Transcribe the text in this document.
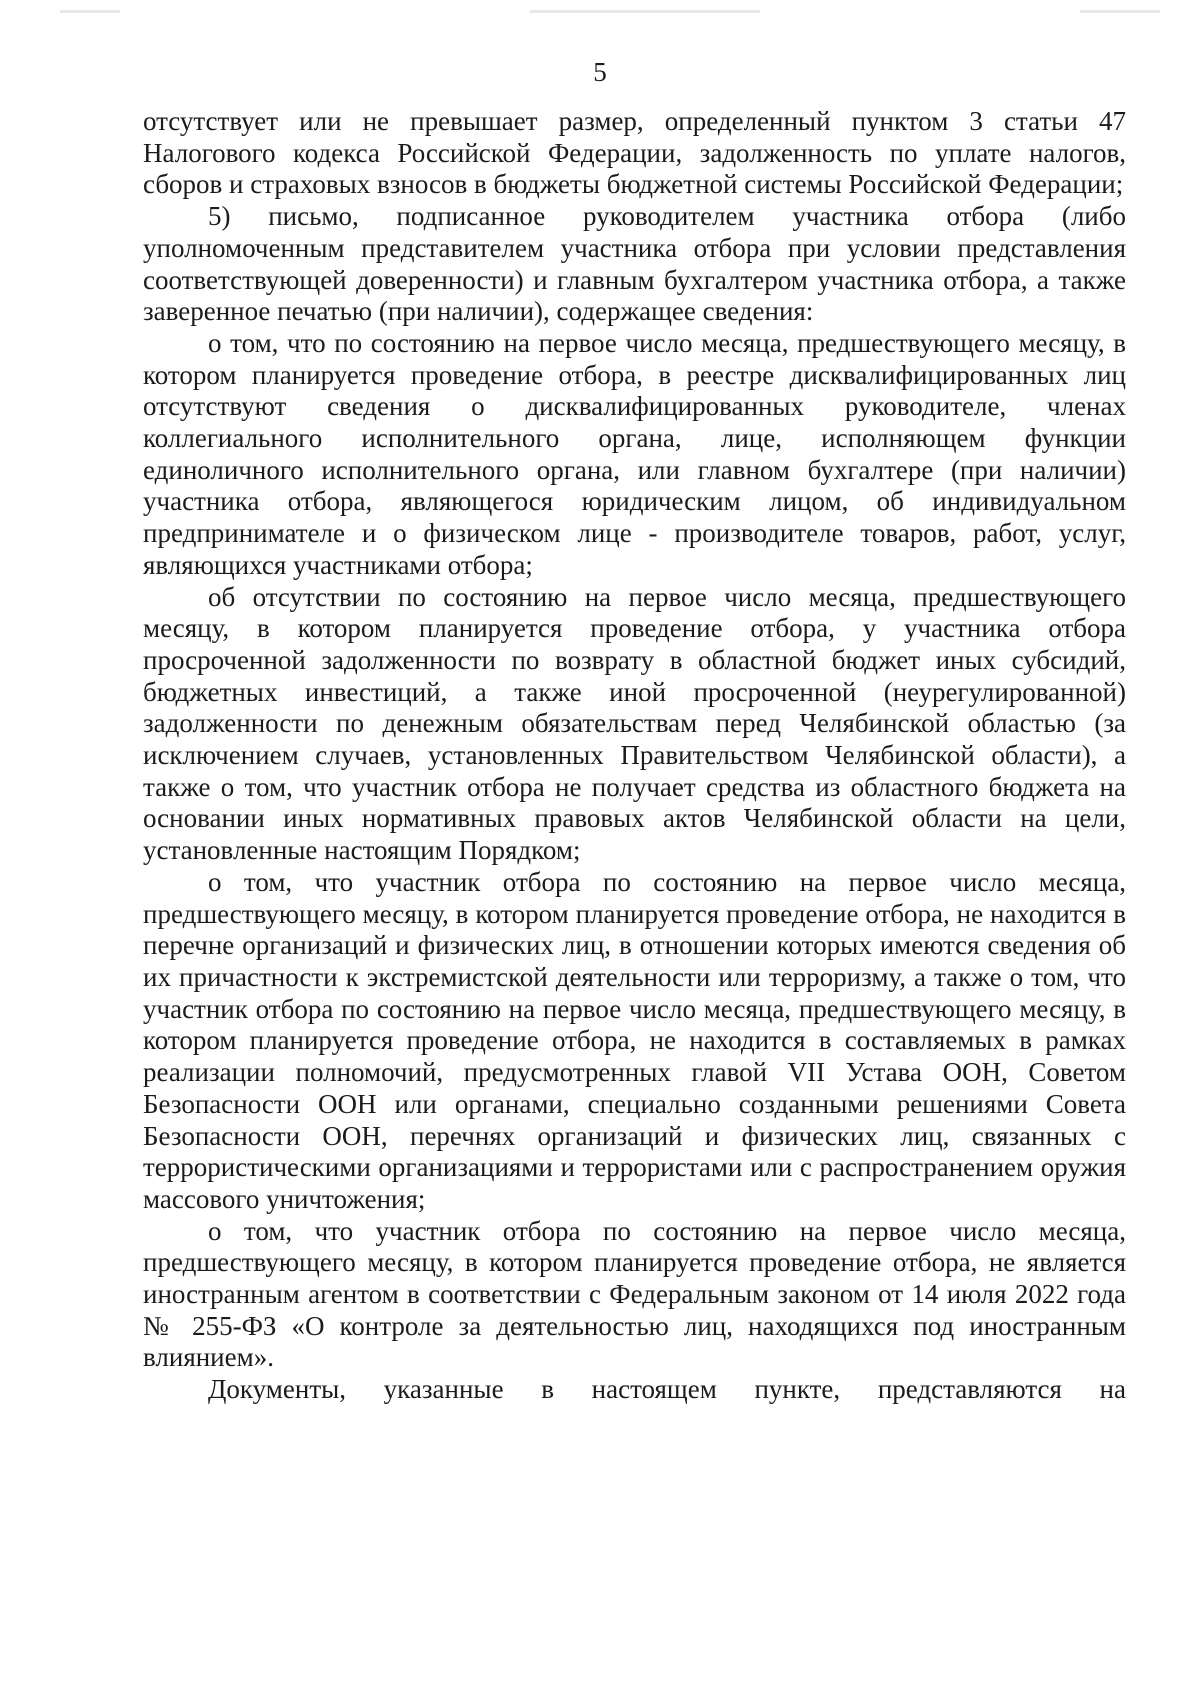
5

отсутствует или не превышает размер, определенный пунктом 3 статьи 47 Налогового кодекса Российской Федерации, задолженность по уплате налогов, сборов и страховых взносов в бюджеты бюджетной системы Российской Федерации;

5) письмо, подписанное руководителем участника отбора (либо уполномоченным представителем участника отбора при условии представления соответствующей доверенности) и главным бухгалтером участника отбора, а также заверенное печатью (при наличии), содержащее сведения:

о том, что по состоянию на первое число месяца, предшествующего месяцу, в котором планируется проведение отбора, в реестре дисквалифицированных лиц отсутствуют сведения о дисквалифицированных руководителе, членах коллегиального исполнительного органа, лице, исполняющем функции единоличного исполнительного органа, или главном бухгалтере (при наличии) участника отбора, являющегося юридическим лицом, об индивидуальном предпринимателе и о физическом лице - производителе товаров, работ, услуг, являющихся участниками отбора;

об отсутствии по состоянию на первое число месяца, предшествующего месяцу, в котором планируется проведение отбора, у участника отбора просроченной задолженности по возврату в областной бюджет иных субсидий, бюджетных инвестиций, а также иной просроченной (неурегулированной) задолженности по денежным обязательствам перед Челябинской областью (за исключением случаев, установленных Правительством Челябинской области), а также о том, что участник отбора не получает средства из областного бюджета на основании иных нормативных правовых актов Челябинской области на цели, установленные настоящим Порядком;

о том, что участник отбора по состоянию на первое число месяца, предшествующего месяцу, в котором планируется проведение отбора, не находится в перечне организаций и физических лиц, в отношении которых имеются сведения об их причастности к экстремистской деятельности или терроризму, а также о том, что участник отбора по состоянию на первое число месяца, предшествующего месяцу, в котором планируется проведение отбора, не находится в составляемых в рамках реализации полномочий, предусмотренных главой VII Устава ООН, Советом Безопасности ООН или органами, специально созданными решениями Совета Безопасности ООН, перечнях организаций и физических лиц, связанных с террористическими организациями и террористами или с распространением оружия массового уничтожения;

о том, что участник отбора по состоянию на первое число месяца, предшествующего месяцу, в котором планируется проведение отбора, не является иностранным агентом в соответствии с Федеральным законом от 14 июля 2022 года № 255-ФЗ «О контроле за деятельностью лиц, находящихся под иностранным влиянием».

Документы, указанные в настоящем пункте, представляются на
